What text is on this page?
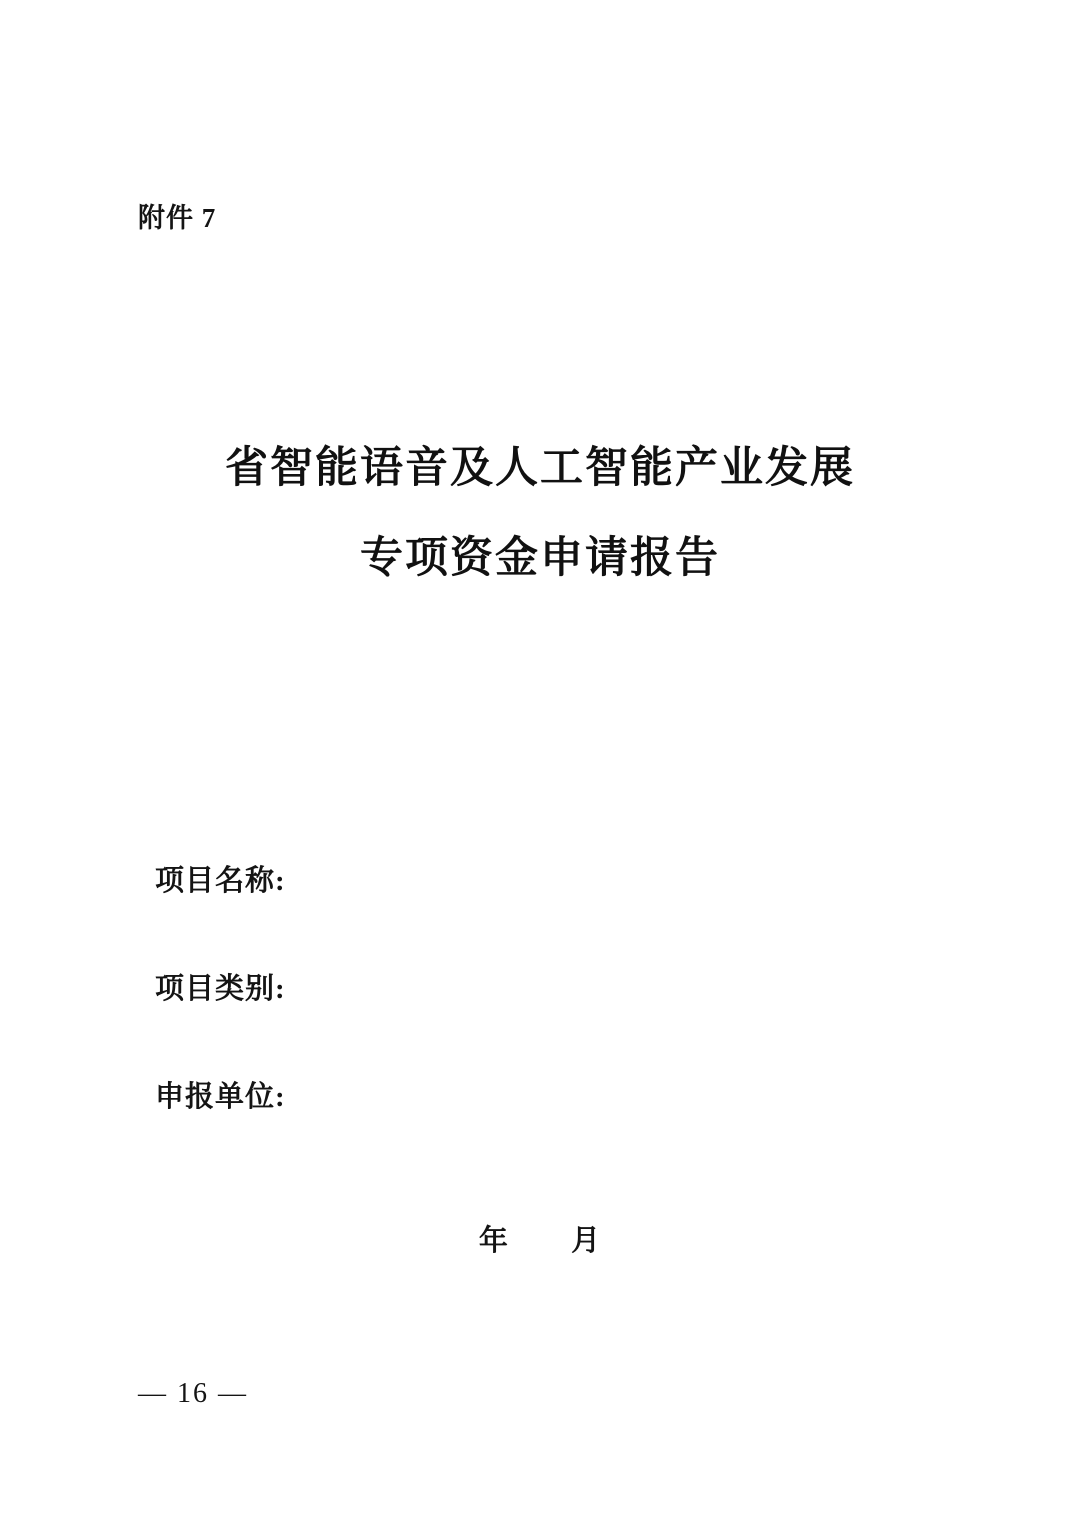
附件 7
省智能语音及人工智能产业发展
专项资金申请报告
项目名称:
项目类别:
申报单位:
年 月
— 16 —
